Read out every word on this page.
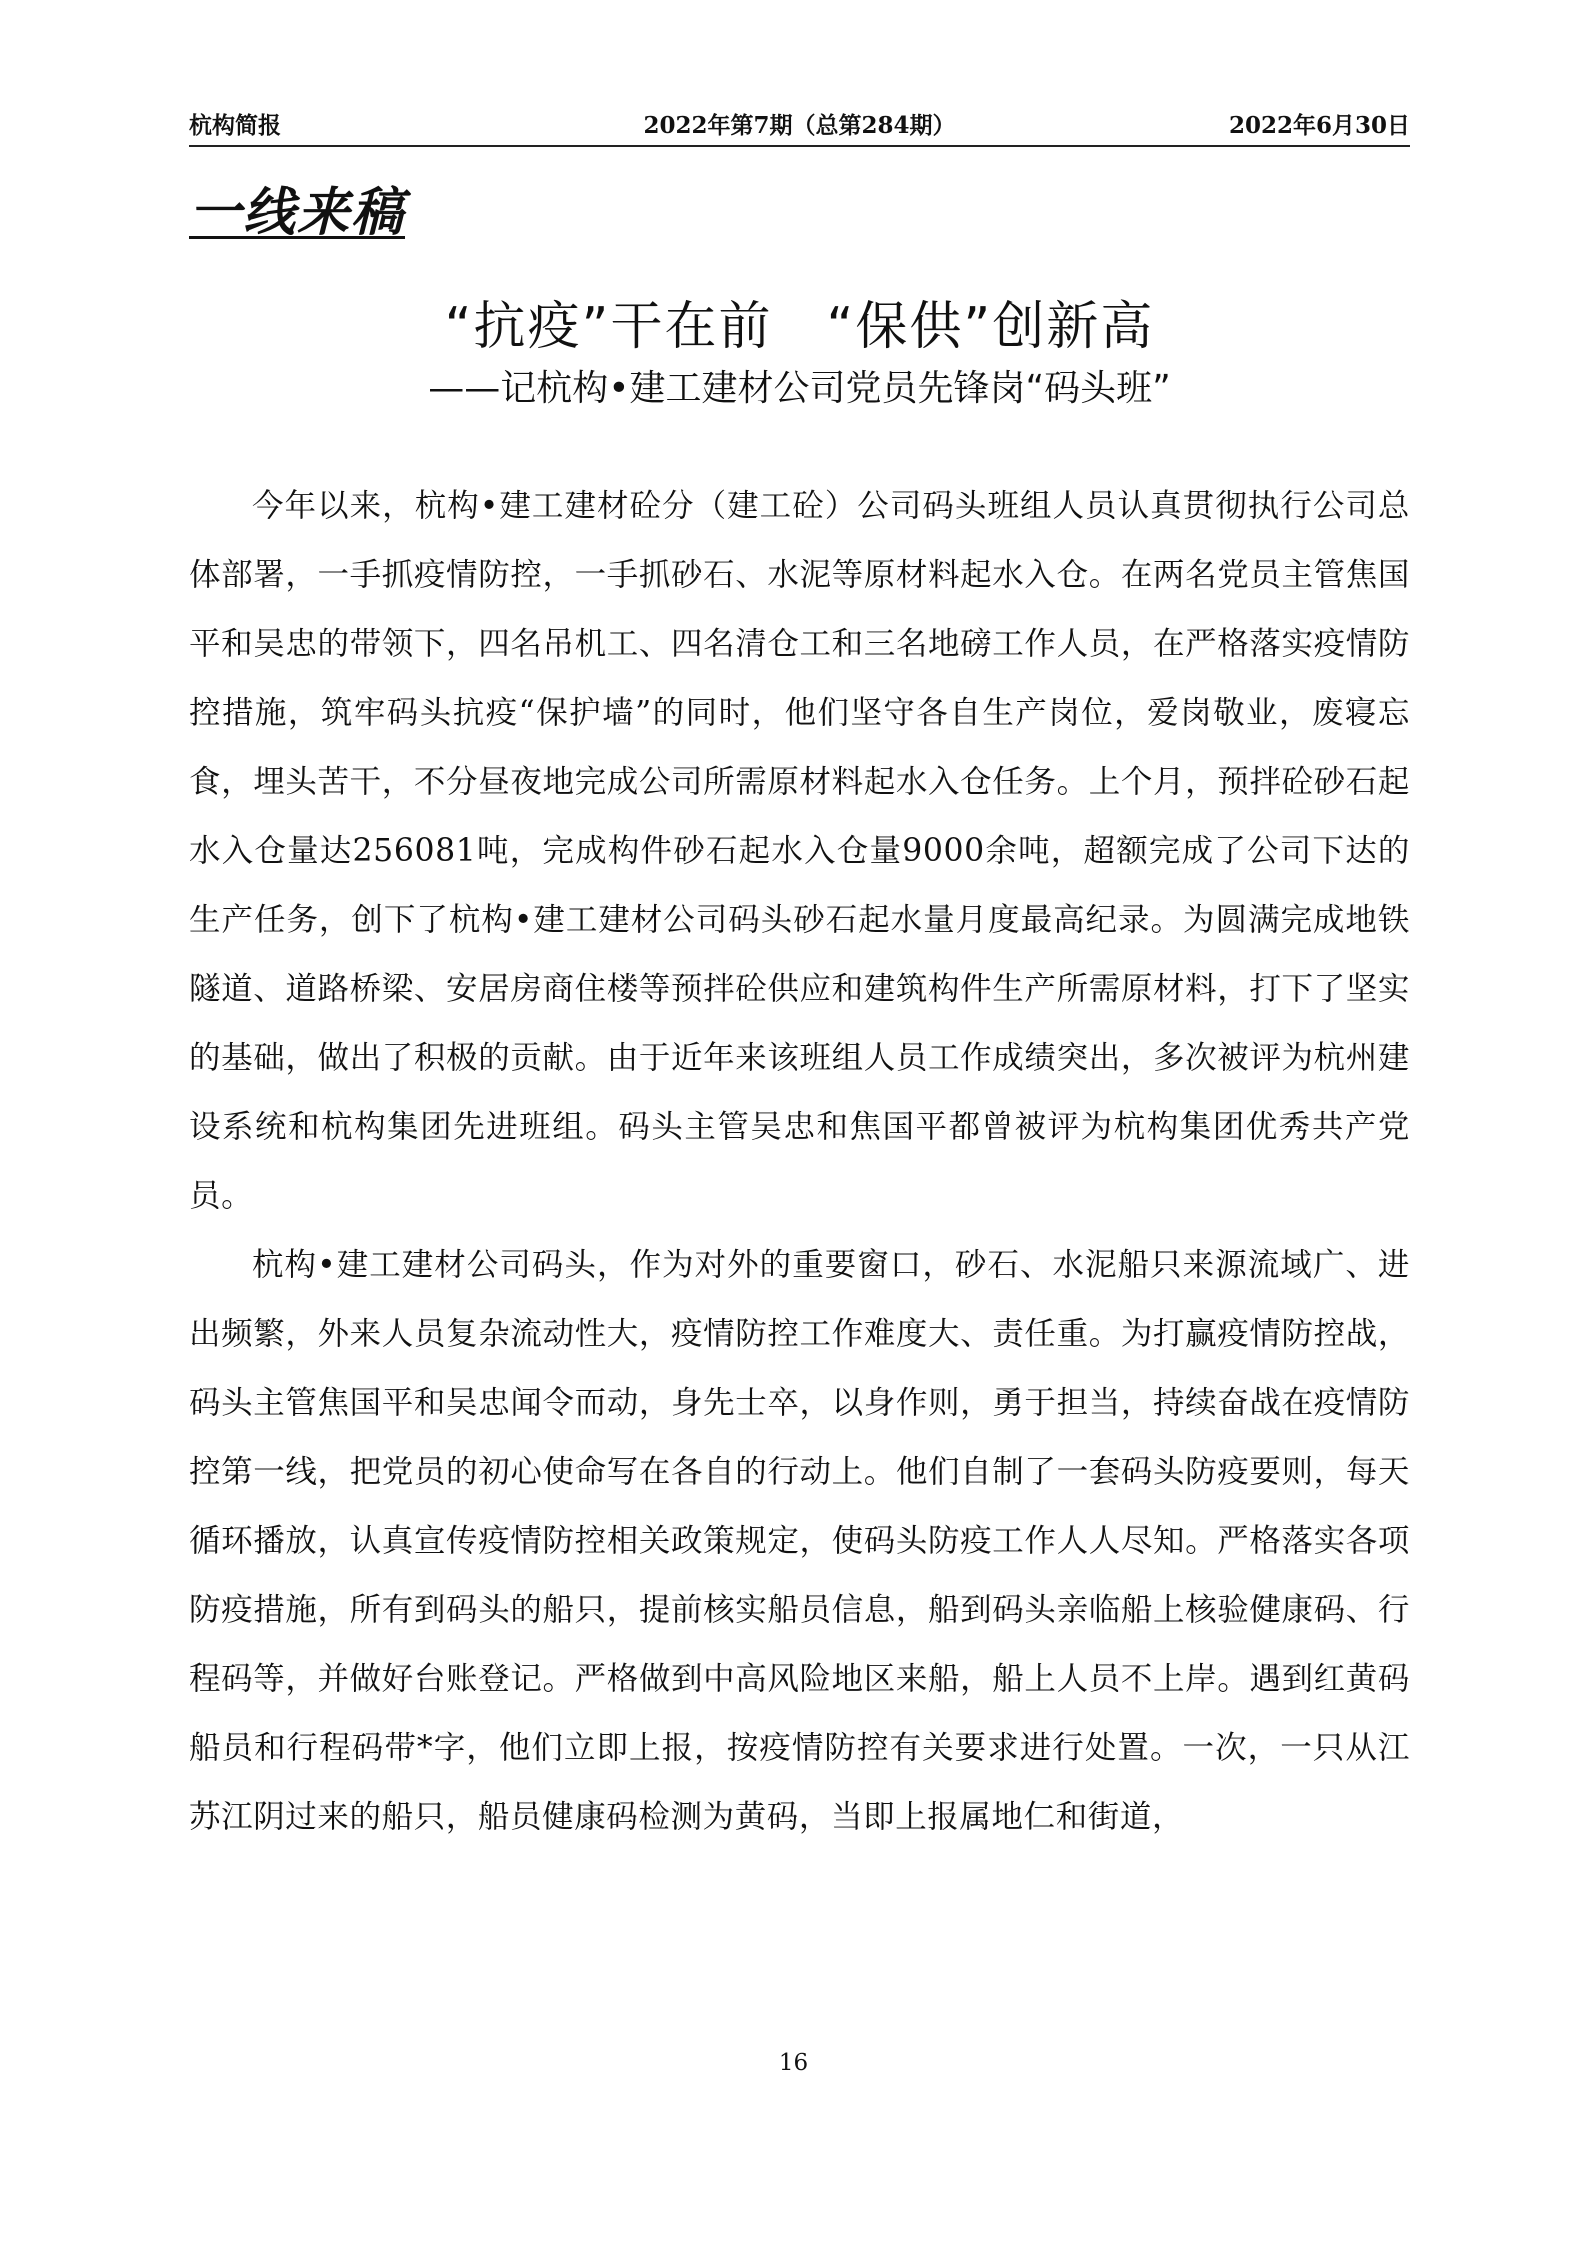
杭构简报	2022年第7期（总第284期）	2022年6月30日
一线来稿
“抗疫”干在前　“保供”创新高
——记杭构•建工建材公司党员先锋岗“码头班”

今年以来，杭构•建工建材砼分（建工砼）公司码头班组人员认真贯彻执行公司总体部署，一手抓疫情防控，一手抓砂石、水泥等原材料起水入仓。在两名党员主管焦国平和吴忠的带领下，四名吊机工、四名清仓工和三名地磅工作人员，在严格落实疫情防控措施，筑牢码头抗疫“保护墙”的同时，他们坚守各自生产岗位，爱岗敬业，废寝忘食，埋头苦干，不分昼夜地完成公司所需原材料起水入仓任务。上个月，预拌砼砂石起水入仓量达256081吨，完成构件砂石起水入仓量9000余吨，超额完成了公司下达的生产任务，创下了杭构•建工建材公司码头砂石起水量月度最高纪录。为圆满完成地铁隧道、道路桥梁、安居房商住楼等预拌砼供应和建筑构件生产所需原材料，打下了坚实的基础，做出了积极的贡献。由于近年来该班组人员工作成绩突出，多次被评为杭州建设系统和杭构集团先进班组。码头主管吴忠和焦国平都曾被评为杭构集团优秀共产党员。

杭构•建工建材公司码头，作为对外的重要窗口，砂石、水泥船只来源流域广、进出频繁，外来人员复杂流动性大，疫情防控工作难度大、责任重。为打赢疫情防控战，码头主管焦国平和吴忠闻令而动，身先士卒，以身作则，勇于担当，持续奋战在疫情防控第一线，把党员的初心使命写在各自的行动上。他们自制了一套码头防疫要则，每天循环播放，认真宣传疫情防控相关政策规定，使码头防疫工作人人尽知。严格落实各项防疫措施，所有到码头的船只，提前核实船员信息，船到码头亲临船上核验健康码、行程码等，并做好台账登记。严格做到中高风险地区来船，船上人员不上岸。遇到红黄码船员和行程码带*字，他们立即上报，按疫情防控有关要求进行处置。一次，一只从江苏江阴过来的船只，船员健康码检测为黄码，当即上报属地仁和街道，

16
